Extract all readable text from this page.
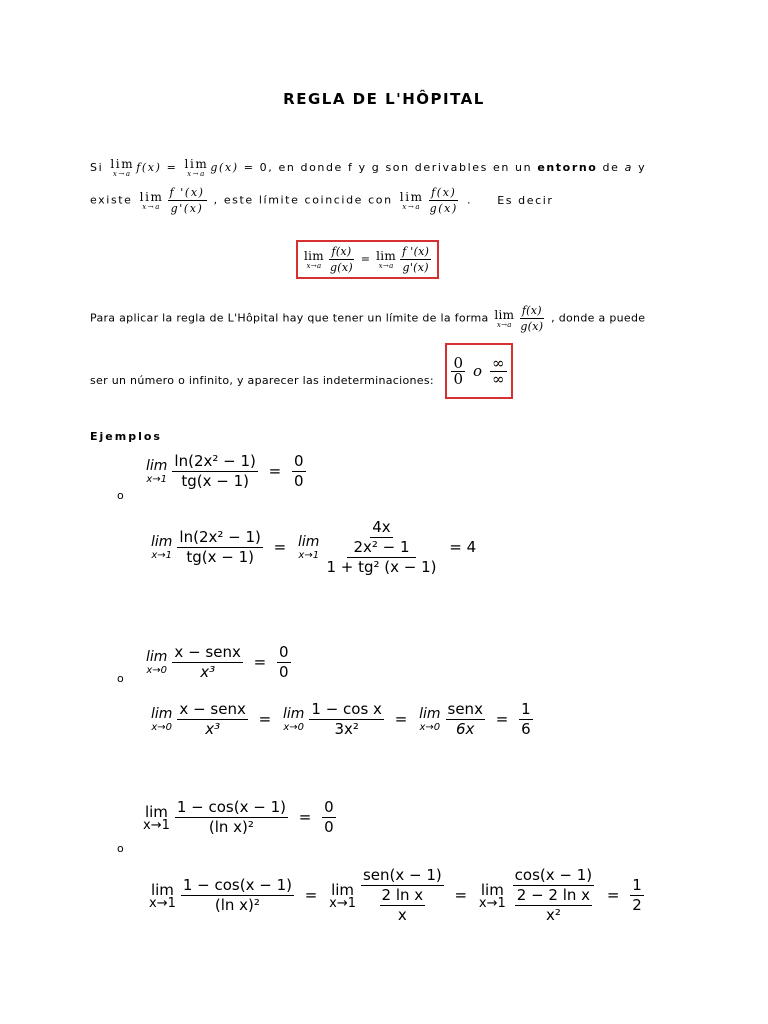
REGLA DE L'HÔPITAL
Si lim
x→a f(x) = lim
x→a g(x) = 0, en donde f y g son derivables en un entorno de a y
existe lim
$x\to a \frac{f '(x)}{g'(x)}$ , este límite coincide con lim
$x\to a \frac{f(x)}{g(x)}$ . Es decir
lim
$x\to a \frac{f(x)}{g(x)} = \lim$
$x\to a \frac{f '(x)}{g'(x)}$
Para aplicar la regla de L'Hôpital hay que tener un límite de la forma lim
$x\to a \frac{f(x)}{g(x)}$ , donde a puede
ser un número o infinito, y aparecer las indeterminaciones: $\frac{0}{0}$ o $\frac{\infty}{\infty}$
Ejemplos
o
lim
$x\to 1 \frac{\text{ln(2x² − 1)}}{tg(x - 1)} = \frac{0}{0}$
lim
$x\to 1 \frac{\text{ln(2x² − 1)}}{tg(x - 1)} = \lim$
$x\to 1 \frac{\frac{4x}{\text{2x² − 1}}}{\text{1 + tg² (x − 1)}} = 4$
o
lim
$x\to 0 \frac{\text{x − senx}}{\text{x³}} = \frac{0}{0}$
lim
$x\to 0 \frac{\text{x − senx}}{\text{x³}} = \lim$
$x\to 0 \frac{\text{1 − cos x}}{\text{3x²}} = \lim$
$x\to 0 \frac{\text{senx}}{6x} = \frac{1}{6}$
o
lim
$x\to 1 \frac{1 - \cos(x - 1)}{\text{(ln x)²}} = \frac{0}{0}$
lim
$x\to 1 \frac{1 - \cos(x - 1)}{\text{(ln x)²}} = \lim$
$x\to 1 \frac{\text{sen(x − 1)}}{\frac{\text{2 ln x}}{x}} = \lim$
$x\to 1 \frac{\cos(x - 1)}{\frac{\text{2 − 2 ln x}}{\text{x²}}} = \frac{1}{2}$
